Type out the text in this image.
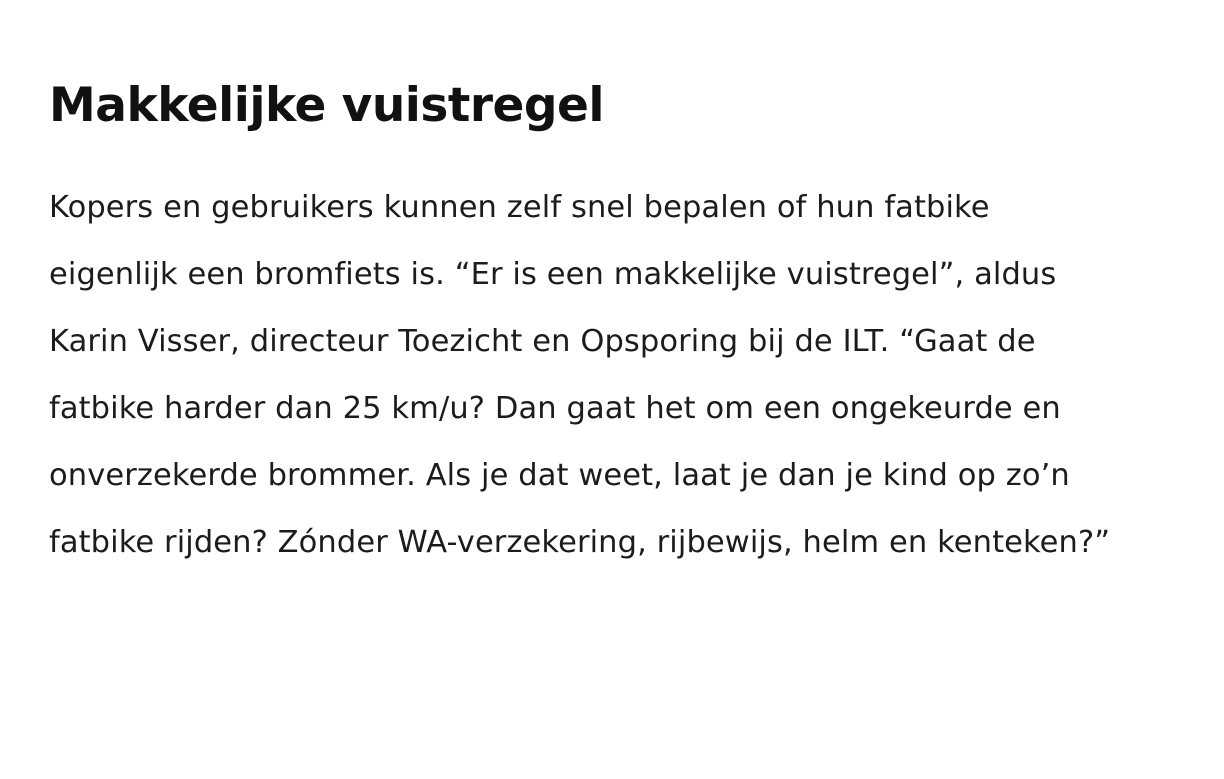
Makkelijke vuistregel

Kopers en gebruikers kunnen zelf snel bepalen of hun fatbike eigenlijk een bromfiets is. “Er is een makkelijke vuistregel”, aldus Karin Visser, directeur Toezicht en Opsporing bij de ILT. “Gaat de fatbike harder dan 25 km/u? Dan gaat het om een ongekeurde en onverzekerde brommer. Als je dat weet, laat je dan je kind op zo’n fatbike rijden? Zónder WA-verzekering, rijbewijs, helm en kenteken?”
